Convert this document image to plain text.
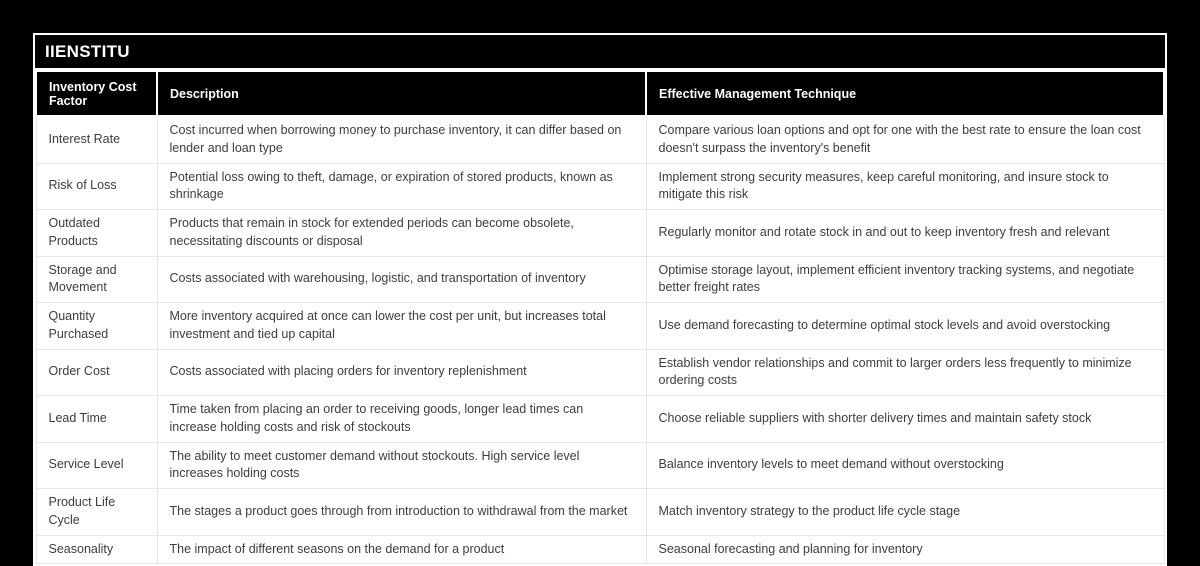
IIENSTITU
Inventory Cost Factor	Description	Effective Management Technique
Interest Rate	Cost incurred when borrowing money to purchase inventory, it can differ based on lender and loan type	Compare various loan options and opt for one with the best rate to ensure the loan cost doesn't surpass the inventory's benefit
Risk of Loss	Potential loss owing to theft, damage, or expiration of stored products, known as shrinkage	Implement strong security measures, keep careful monitoring, and insure stock to mitigate this risk
Outdated Products	Products that remain in stock for extended periods can become obsolete, necessitating discounts or disposal	Regularly monitor and rotate stock in and out to keep inventory fresh and relevant
Storage and Movement	Costs associated with warehousing, logistic, and transportation of inventory	Optimise storage layout, implement efficient inventory tracking systems, and negotiate better freight rates
Quantity Purchased	More inventory acquired at once can lower the cost per unit, but increases total investment and tied up capital	Use demand forecasting to determine optimal stock levels and avoid overstocking
Order Cost	Costs associated with placing orders for inventory replenishment	Establish vendor relationships and commit to larger orders less frequently to minimize ordering costs
Lead Time	Time taken from placing an order to receiving goods, longer lead times can increase holding costs and risk of stockouts	Choose reliable suppliers with shorter delivery times and maintain safety stock
Service Level	The ability to meet customer demand without stockouts. High service level increases holding costs	Balance inventory levels to meet demand without overstocking
Product Life Cycle	The stages a product goes through from introduction to withdrawal from the market	Match inventory strategy to the product life cycle stage
Seasonality	The impact of different seasons on the demand for a product	Seasonal forecasting and planning for inventory
